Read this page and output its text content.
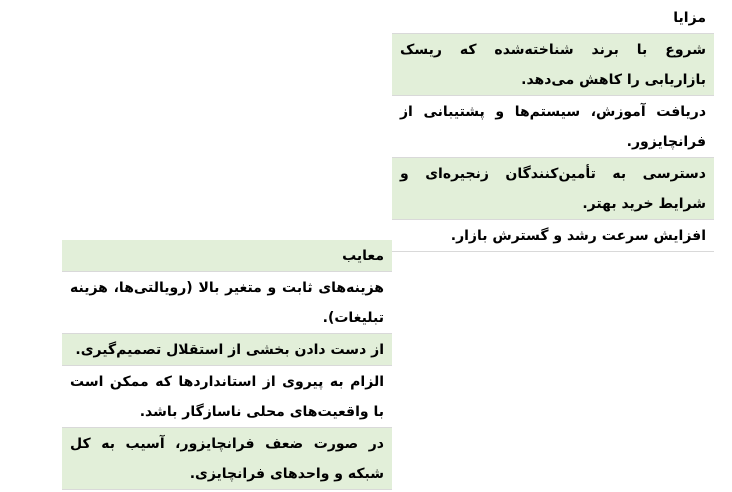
مزایا
شروع با برند شناخته‌شده که ریسک بازاریابی را کاهش می‌دهد.
دریافت آموزش، سیستم‌ها و پشتیبانی از فرانچایزور.
دسترسی به تأمین‌کنندگان زنجیره‌ای و شرایط خرید بهتر.
افزایش سرعت رشد و گسترش بازار.
معایب
هزینه‌های ثابت و متغیر بالا (رویالتی‌ها، هزینه تبلیغات).
از دست دادن بخشی از استقلال تصمیم‌گیری.
الزام به پیروی از استانداردها که ممکن است با واقعیت‌های محلی ناسازگار باشد.
در صورت ضعف فرانچایزور، آسیب به کل شبکه و واحدهای فرانچایزی.
